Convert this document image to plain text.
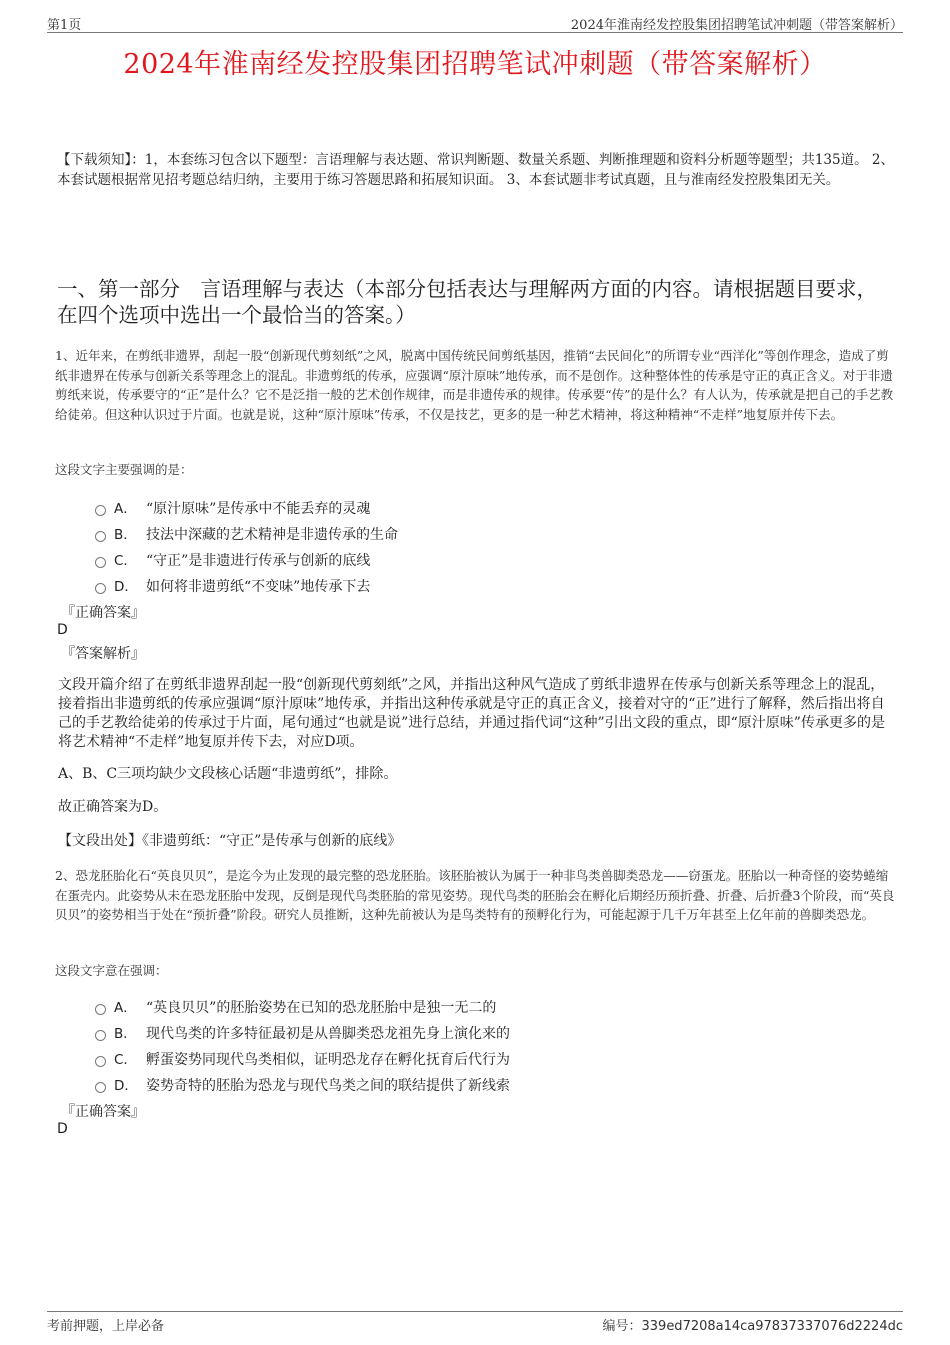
第1页	2024年淮南经发控股集团招聘笔试冲刺题（带答案解析）
2024年淮南经发控股集团招聘笔试冲刺题（带答案解析）
【下载须知】：1，本套练习包含以下题型：言语理解与表达题、常识判断题、数量关系题、判断推理题和资料分析题等题型；共135道。 2、本套试题根据常见招考题总结归纳，主要用于练习答题思路和拓展知识面。 3、本套试题非考试真题，且与淮南经发控股集团无关。
一、第一部分　言语理解与表达（本部分包括表达与理解两方面的内容。请根据题目要求，在四个选项中选出一个最恰当的答案。）
1、近年来，在剪纸非遗界，刮起一股“创新现代剪刻纸”之风，脱离中国传统民间剪纸基因，推销“去民间化”的所谓专业“西洋化”等创作理念，造成了剪纸非遗界在传承与创新关系等理念上的混乱。非遗剪纸的传承，应强调“原汁原味”地传承，而不是创作。这种整体性的传承是守正的真正含义。对于非遗剪纸来说，传承要守的“正”是什么？它不是泛指一般的艺术创作规律，而是非遗传承的规律。传承要“传”的是什么？有人认为，传承就是把自己的手艺教给徒弟。但这种认识过于片面。也就是说，这种“原汁原味”传承，不仅是技艺，更多的是一种艺术精神，将这种精神“不走样”地复原并传下去。
这段文字主要强调的是：
A． “原汁原味”是传承中不能丢弃的灵魂
B． 技法中深藏的艺术精神是非遗传承的生命
C． “守正”是非遗进行传承与创新的底线
D． 如何将非遗剪纸“不变味”地传承下去
『正确答案』
D
『答案解析』
文段开篇介绍了在剪纸非遗界刮起一股“创新现代剪刻纸”之风，并指出这种风气造成了剪纸非遗界在传承与创新关系等理念上的混乱，接着指出非遗剪纸的传承应强调“原汁原味”地传承，并指出这种传承就是守正的真正含义，接着对守的“正”进行了解释，然后指出将自己的手艺教给徒弟的传承过于片面，尾句通过“也就是说”进行总结，并通过指代词“这种”引出文段的重点，即“原汁原味”传承更多的是将艺术精神“不走样”地复原并传下去，对应D项。
A、B、C三项均缺少文段核心话题“非遗剪纸”，排除。
故正确答案为D。
【文段出处】《非遗剪纸：“守正”是传承与创新的底线》
2、恐龙胚胎化石“英良贝贝”，是迄今为止发现的最完整的恐龙胚胎。该胚胎被认为属于一种非鸟类兽脚类恐龙——窃蛋龙。胚胎以一种奇怪的姿势蜷缩在蛋壳内。此姿势从未在恐龙胚胎中发现，反倒是现代鸟类胚胎的常见姿势。现代鸟类的胚胎会在孵化后期经历预折叠、折叠、后折叠3个阶段，而“英良贝贝”的姿势相当于处在“预折叠”阶段。研究人员推断，这种先前被认为是鸟类特有的预孵化行为，可能起源于几千万年甚至上亿年前的兽脚类恐龙。
这段文字意在强调：
A． “英良贝贝”的胚胎姿势在已知的恐龙胚胎中是独一无二的
B． 现代鸟类的许多特征最初是从兽脚类恐龙祖先身上演化来的
C． 孵蛋姿势同现代鸟类相似，证明恐龙存在孵化抚育后代行为
D． 姿势奇特的胚胎为恐龙与现代鸟类之间的联结提供了新线索
『正确答案』
D
考前押题，上岸必备	编号：339ed7208a14ca97837337076d2224dc
